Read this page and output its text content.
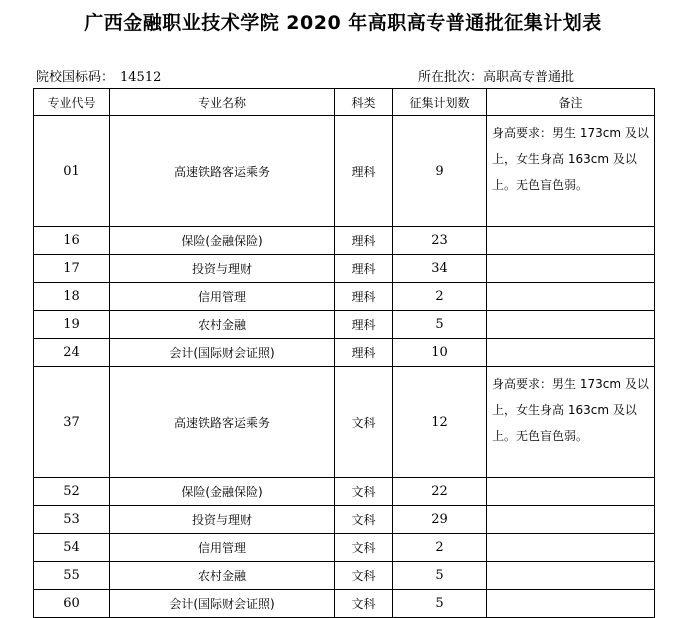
广西金融职业技术学院 2020 年高职高专普通批征集计划表
院校国标码： 14512	所在批次：高职高专普通批
专业代号	专业名称	科类	征集计划数	备注
01	高速铁路客运乘务	理科	9	身高要求：男生 173cm 及以上，女生身高 163cm 及以上。无色盲色弱。
16	保险(金融保险)	理科	23	
17	投资与理财	理科	34	
18	信用管理	理科	2	
19	农村金融	理科	5	
24	会计(国际财会证照)	理科	10	
37	高速铁路客运乘务	文科	12	身高要求：男生 173cm 及以上，女生身高 163cm 及以上。无色盲色弱。
52	保险(金融保险)	文科	22	
53	投资与理财	文科	29	
54	信用管理	文科	2	
55	农村金融	文科	5	
60	会计(国际财会证照)	文科	5	
